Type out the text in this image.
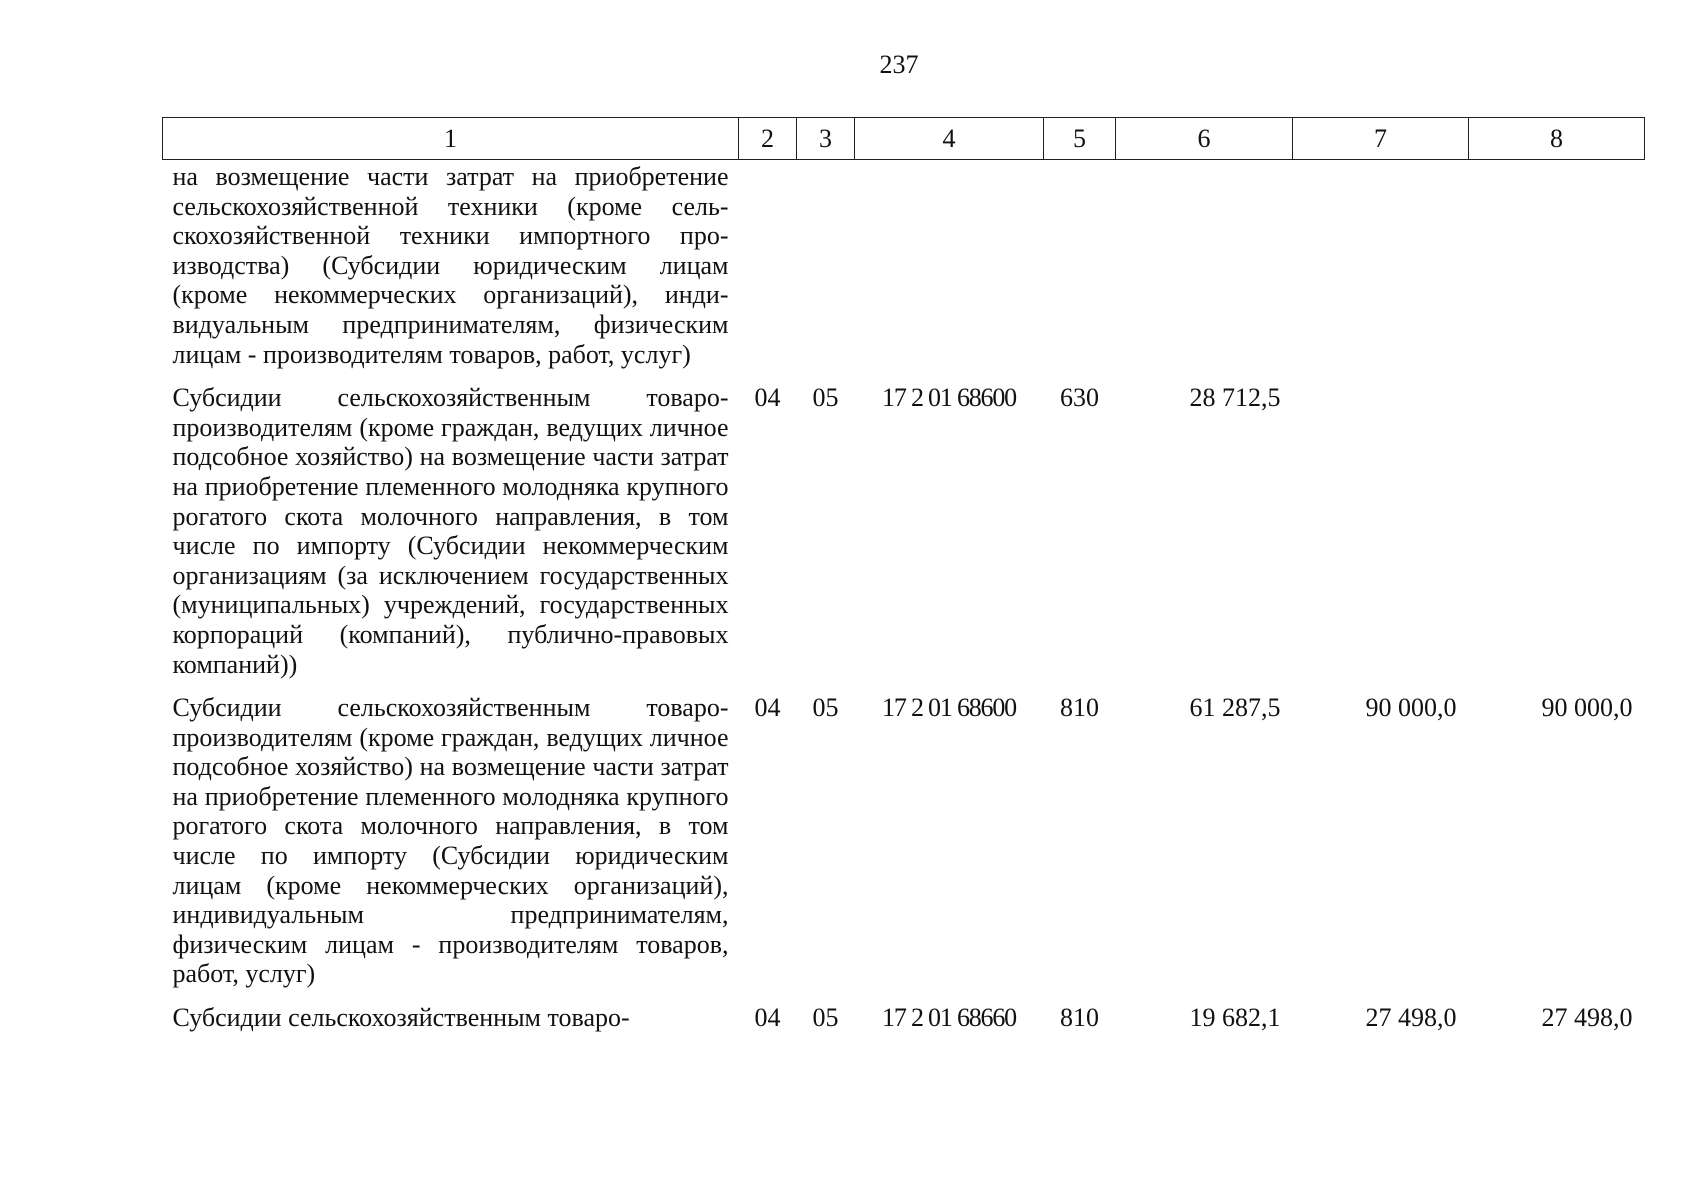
237
1	2	3	4	5	6	7	8
на возмещение части затрат на приобретение сельскохозяйственной техники (кроме сельскохозяйственной техники импортного производства) (Субсидии юридическим лицам (кроме некоммерческих организаций), индивидуальным предпринимателям, физическим лицам - производителям товаров, работ, услуг)							
Субсидии сельскохозяйственным товаропроизводителям (кроме граждан, ведущих личное подсобное хозяйство) на возмещение части затрат на приобретение племенного молодняка крупного рогатого скота молочного направления, в том числе по импорту (Субсидии некоммерческим организациям (за исключением государственных (муниципальных) учреждений, государственных корпораций (компаний), публично-правовых компаний))	04	05	17 2 01 68600	630	28 712,5		
Субсидии сельскохозяйственным товаропроизводителям (кроме граждан, ведущих личное подсобное хозяйство) на возмещение части затрат на приобретение племенного молодняка крупного рогатого скота молочного направления, в том числе по импорту (Субсидии юридическим лицам (кроме некоммерческих организаций), индивидуальным предпринимателям, физическим лицам - производителям товаров, работ, услуг)	04	05	17 2 01 68600	810	61 287,5	90 000,0	90 000,0
Субсидии сельскохозяйственным товаро-	04	05	17 2 01 68660	810	19 682,1	27 498,0	27 498,0
